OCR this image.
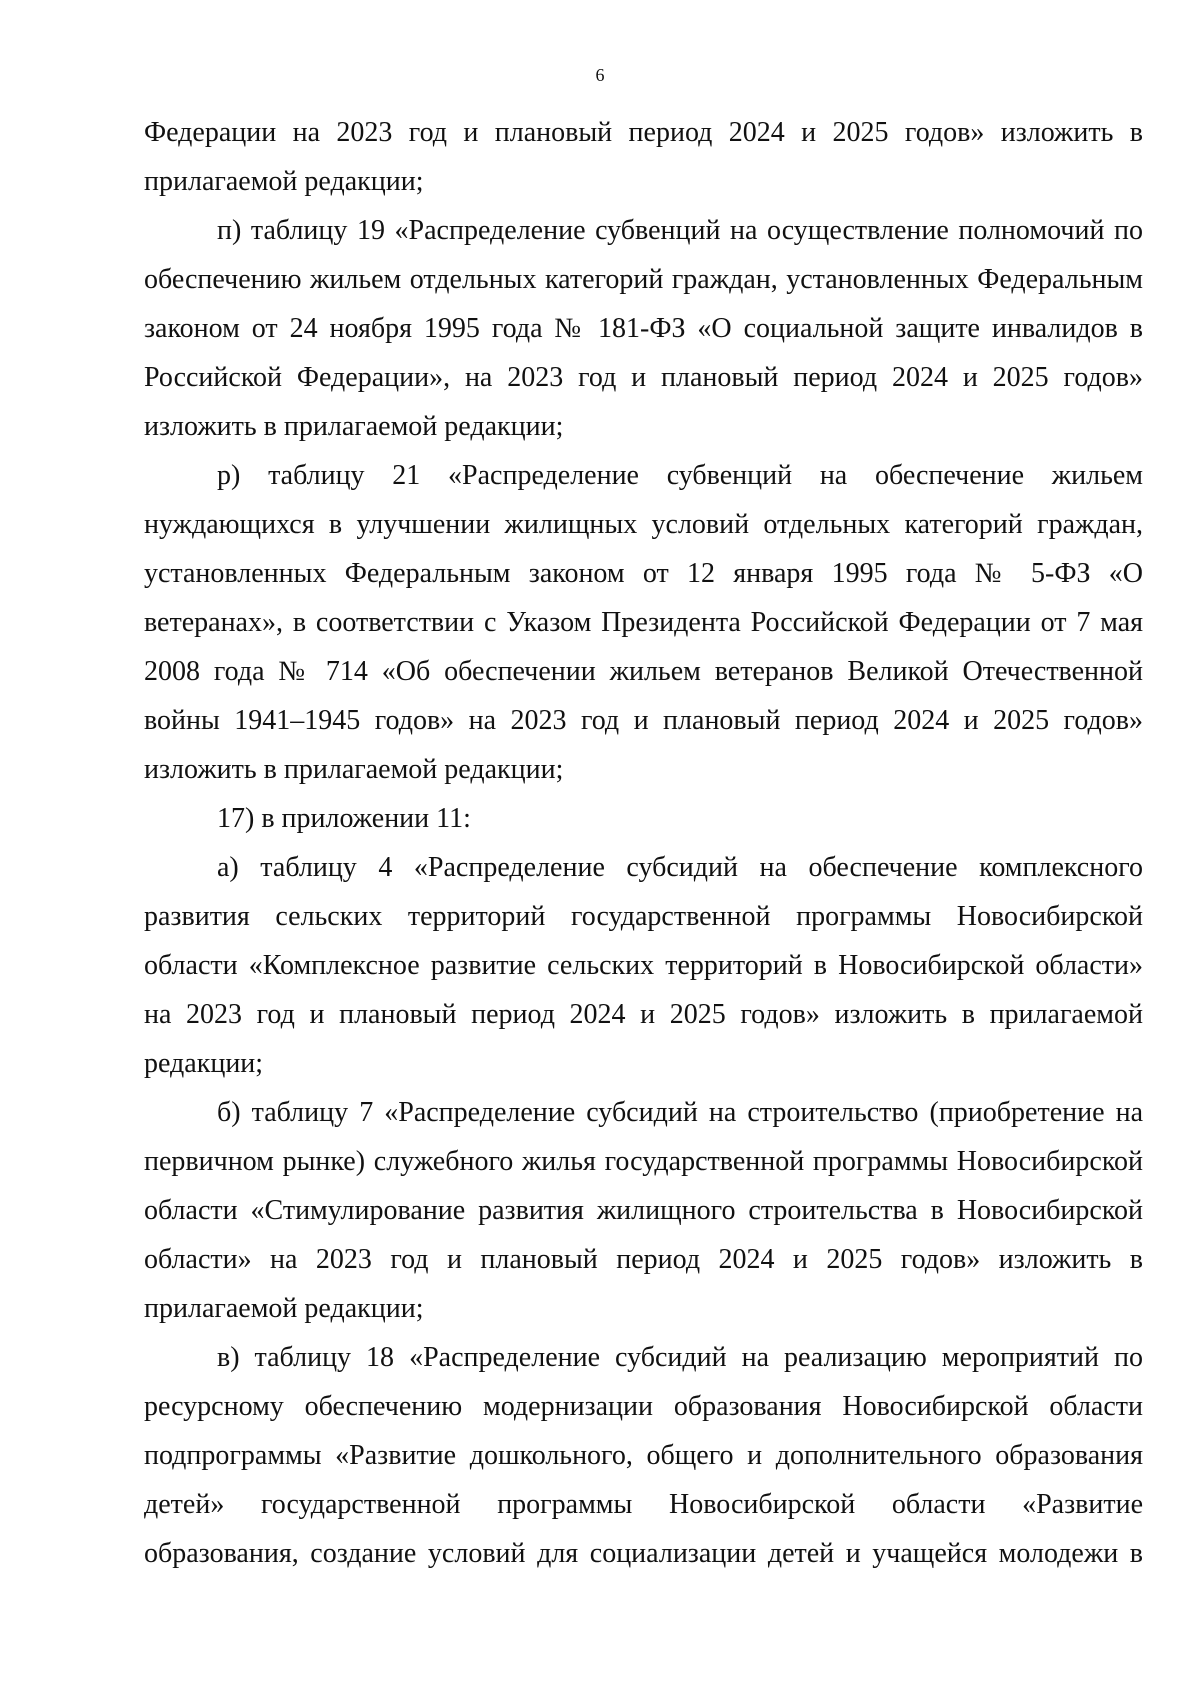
6

Федерации на 2023 год и плановый период 2024 и 2025 годов» изложить в прилагаемой редакции;

п) таблицу 19 «Распределение субвенций на осуществление полномочий по обеспечению жильем отдельных категорий граждан, установленных Федеральным законом от 24 ноября 1995 года № 181-ФЗ «О социальной защите инвалидов в Российской Федерации», на 2023 год и плановый период 2024 и 2025 годов» изложить в прилагаемой редакции;

р) таблицу 21 «Распределение субвенций на обеспечение жильем нуждающихся в улучшении жилищных условий отдельных категорий граждан, установленных Федеральным законом от 12 января 1995 года № 5-ФЗ «О ветеранах», в соответствии с Указом Президента Российской Федерации от 7 мая 2008 года № 714 «Об обеспечении жильем ветеранов Великой Отечественной войны 1941–1945 годов» на 2023 год и плановый период 2024 и 2025 годов» изложить в прилагаемой редакции;

17) в приложении 11:

а) таблицу 4 «Распределение субсидий на обеспечение комплексного развития сельских территорий государственной программы Новосибирской области «Комплексное развитие сельских территорий в Новосибирской области» на 2023 год и плановый период 2024 и 2025 годов» изложить в прилагаемой редакции;

б) таблицу 7 «Распределение субсидий на строительство (приобретение на первичном рынке) служебного жилья государственной программы Новосибирской области «Стимулирование развития жилищного строительства в Новосибирской области» на 2023 год и плановый период 2024 и 2025 годов» изложить в прилагаемой редакции;

в) таблицу 18 «Распределение субсидий на реализацию мероприятий по ресурсному обеспечению модернизации образования Новосибирской области подпрограммы «Развитие дошкольного, общего и дополнительного образования детей» государственной программы Новосибирской области «Развитие образования, создание условий для социализации детей и учащейся молодежи в
